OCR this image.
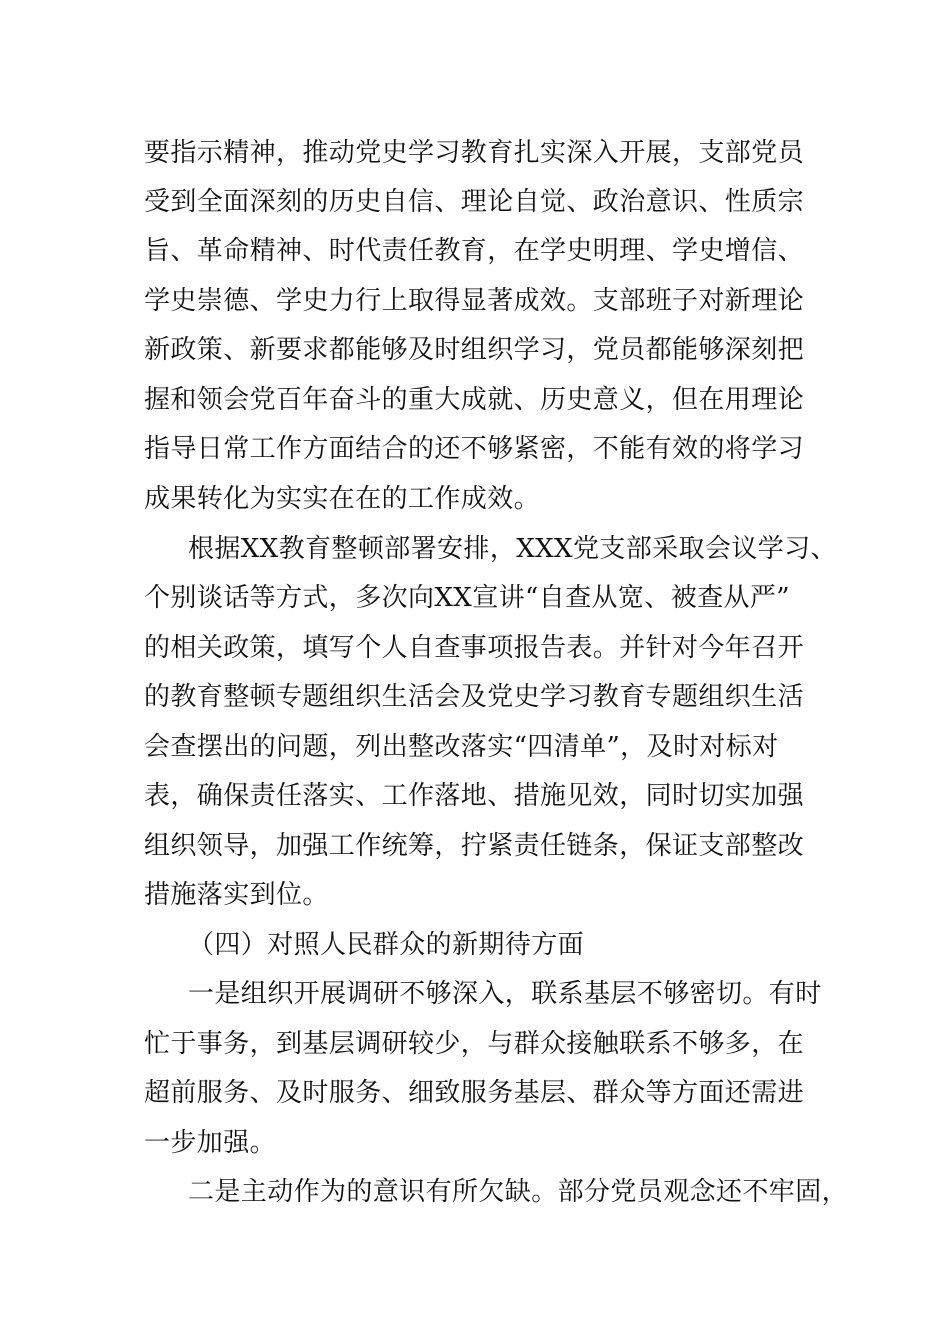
要指示精神，推动党史学习教育扎实深入开展，支部党员
受到全面深刻的历史自信、理论自觉、政治意识、性质宗
旨、革命精神、时代责任教育，在学史明理、学史增信、
学史崇德、学史力行上取得显著成效。支部班子对新理论
新政策、新要求都能够及时组织学习，党员都能够深刻把
握和领会党百年奋斗的重大成就、历史意义，但在用理论
指导日常工作方面结合的还不够紧密，不能有效的将学习
成果转化为实实在在的工作成效。
根据XX教育整顿部署安排，XXX党支部采取会议学习、
个别谈话等方式，多次向XX宣讲“自查从宽、被查从严”
的相关政策，填写个人自查事项报告表。并针对今年召开
的教育整顿专题组织生活会及党史学习教育专题组织生活
会查摆出的问题，列出整改落实“四清单”，及时对标对
表，确保责任落实、工作落地、措施见效，同时切实加强
组织领导，加强工作统筹，拧紧责任链条，保证支部整改
措施落实到位。
（四）对照人民群众的新期待方面
一是组织开展调研不够深入，联系基层不够密切。有时
忙于事务，到基层调研较少，与群众接触联系不够多，在
超前服务、及时服务、细致服务基层、群众等方面还需进
一步加强。
二是主动作为的意识有所欠缺。部分党员观念还不牢固，
